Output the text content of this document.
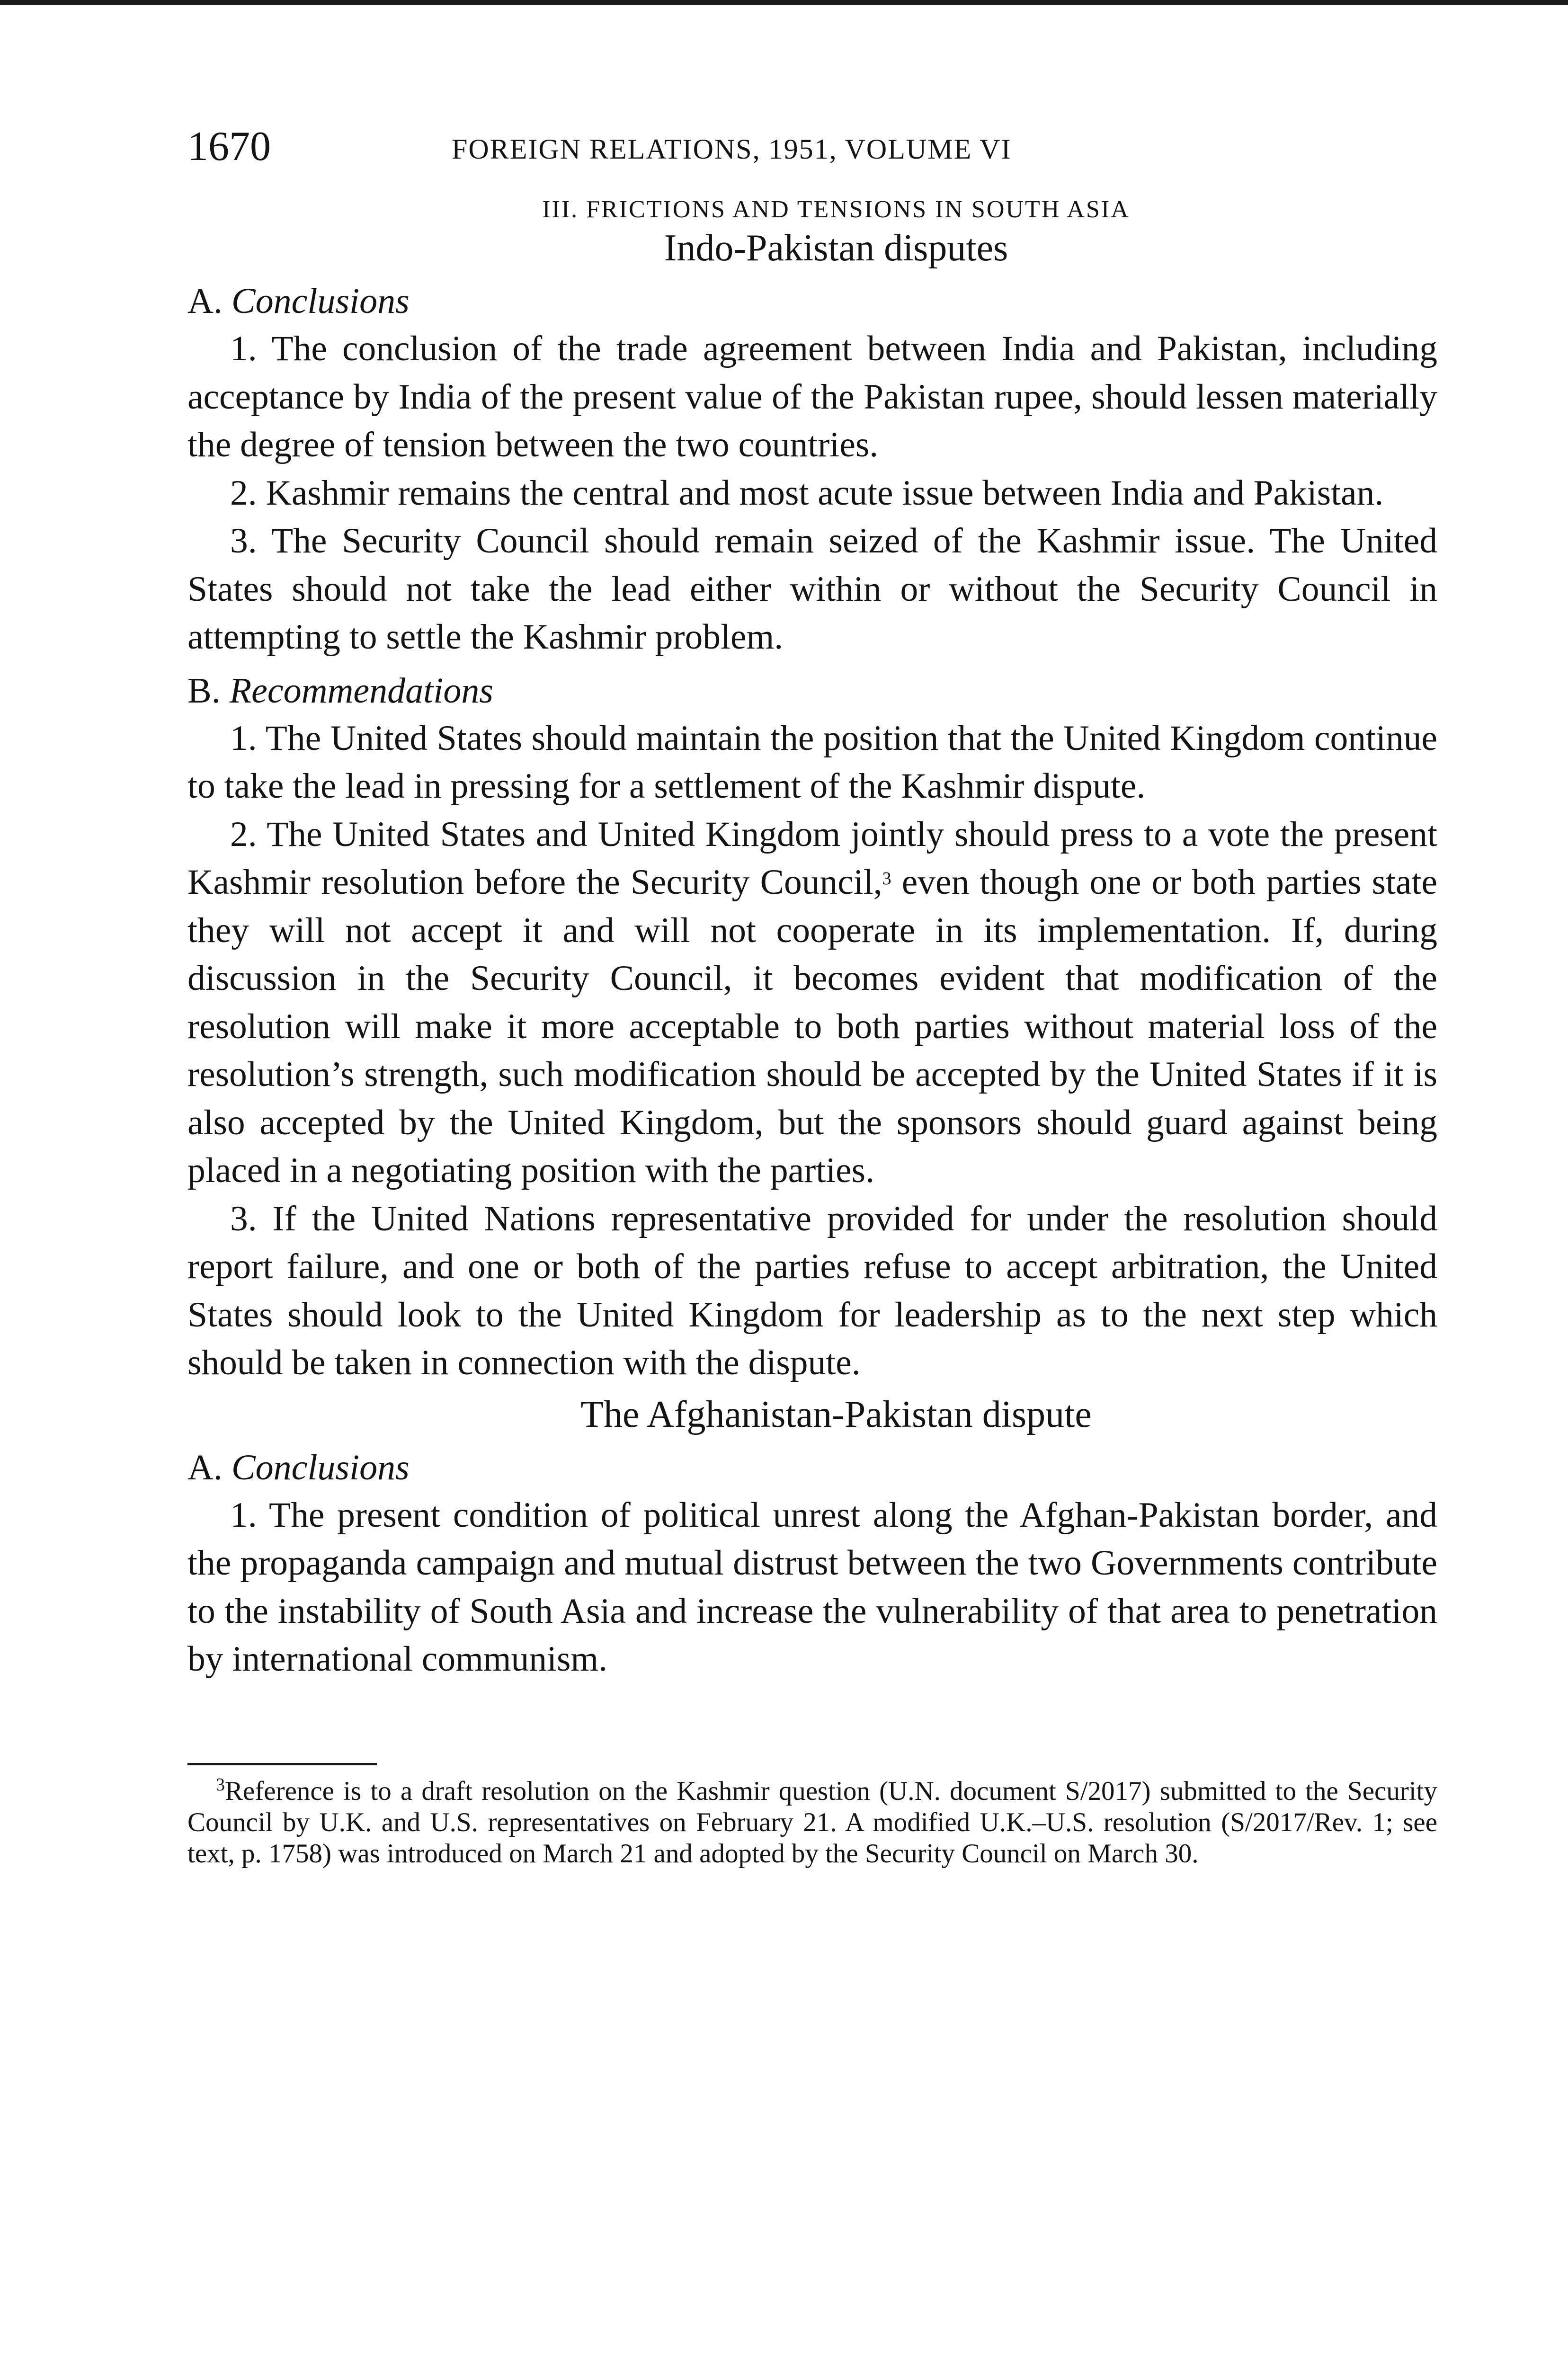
1670	FOREIGN RELATIONS, 1951, VOLUME VI
III. FRICTIONS AND TENSIONS IN SOUTH ASIA
Indo-Pakistan disputes
A. Conclusions

1. The conclusion of the trade agreement between India and Pakistan, including acceptance by India of the present value of the Pakistan rupee, should lessen materially the degree of tension between the two countries.

2. Kashmir remains the central and most acute issue between India and Pakistan.

3. The Security Council should remain seized of the Kashmir issue. The United States should not take the lead either within or without the Security Council in attempting to settle the Kashmir problem.

B. Recommendations

1. The United States should maintain the position that the United Kingdom continue to take the lead in pressing for a settlement of the Kashmir dispute.

2. The United States and United Kingdom jointly should press to a vote the present Kashmir resolution before the Security Council,$^3$ even though one or both parties state they will not accept it and will not cooperate in its implementation. If, during discussion in the Security Council, it becomes evident that modification of the resolution will make it more acceptable to both parties without material loss of the resolution’s strength, such modification should be accepted by the United States if it is also accepted by the United Kingdom, but the sponsors should guard against being placed in a negotiating position with the parties.

3. If the United Nations representative provided for under the resolution should report failure, and one or both of the parties refuse to accept arbitration, the United States should look to the United Kingdom for leadership as to the next step which should be taken in connection with the dispute.

The Afghanistan-Pakistan dispute
A. Conclusions

1. The present condition of political unrest along the Afghan-Pakistan border, and the propaganda campaign and mutual distrust between the two Governments contribute to the instability of South Asia and increase the vulnerability of that area to penetration by international communism.

$^3$Reference is to a draft resolution on the Kashmir question (U.N. document S/2017) submitted to the Security Council by U.K. and U.S. representatives on February 21. A modified U.K.–U.S. resolution (S/2017/Rev. 1; see text, p. 1758) was introduced on March 21 and adopted by the Security Council on March 30.
